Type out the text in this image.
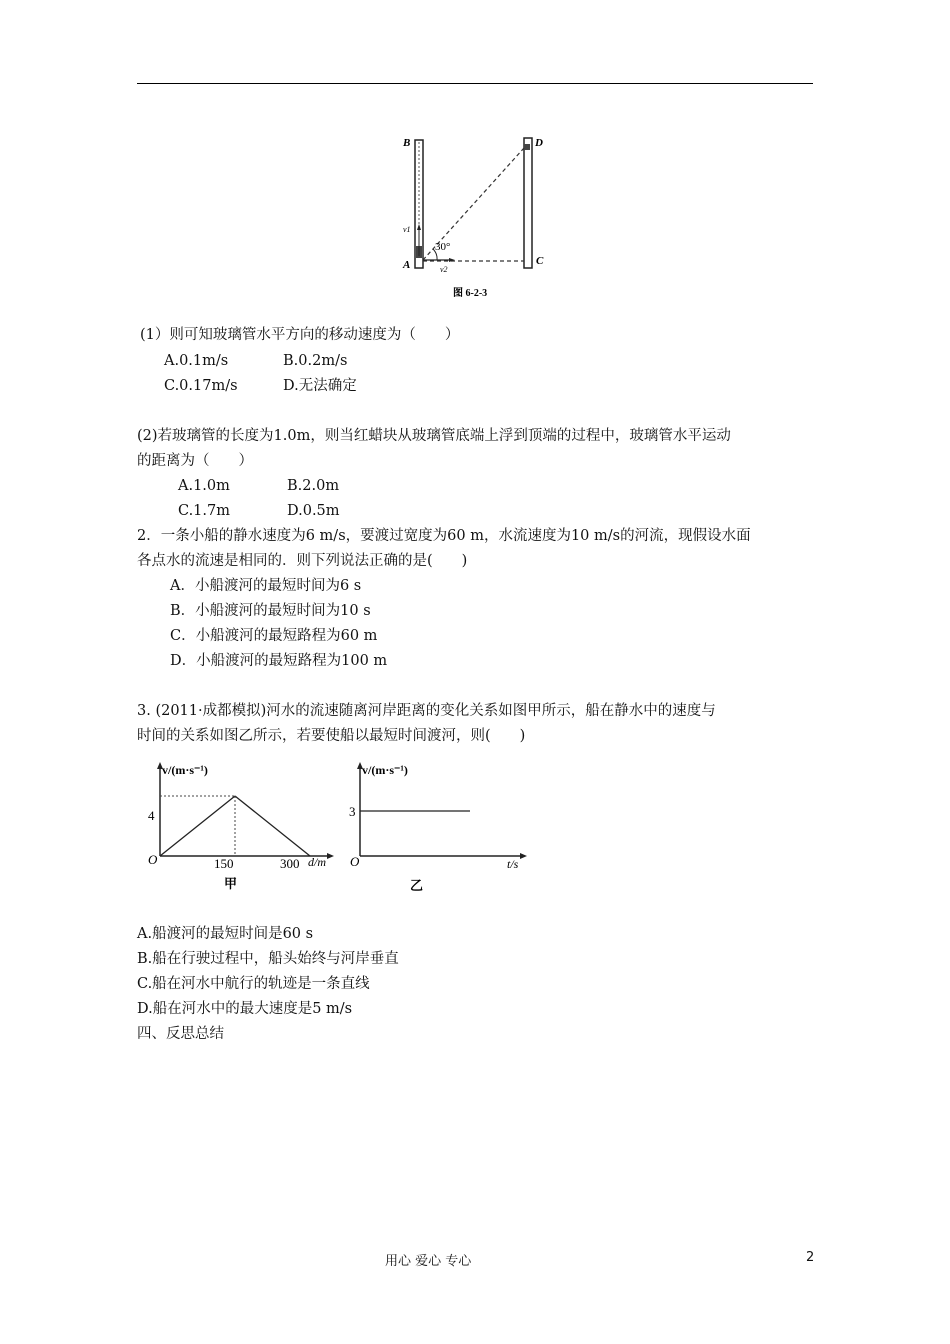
B	D
A	C
v1
v2
30°
图 6-2-3
(1）则可知玻璃管水平方向的移动速度为（　　）
A.0.1m/s	B.0.2m/s
C.0.17m/s	D.无法确定
(2)若玻璃管的长度为1.0m，则当红蜡块从玻璃管底端上浮到顶端的过程中，玻璃管水平运动
的距离为（　　）
A.1.0m	B.2.0m
C.1.7m	D.0.5m
2．一条小船的静水速度为6 m/s，要渡过宽度为60 m，水流速度为10 m/s的河流，现假设水面
各点水的流速是相同的．则下列说法正确的是(　　)
A．小船渡河的最短时间为6 s
B．小船渡河的最短时间为10 s
C．小船渡河的最短路程为60 m
D．小船渡河的最短路程为100 m
3. (2011·成都模拟)河水的流速随离河岸距离的变化关系如图甲所示，船在静水中的速度与
时间的关系如图乙所示，若要使船以最短时间渡河，则(　　)
v/(m·s⁻¹)
d/m
O
4
150	300
甲
v/(m·s⁻¹)
t/s
O
3
乙
A.船渡河的最短时间是60 s
B.船在行驶过程中，船头始终与河岸垂直
C.船在河水中航行的轨迹是一条直线
D.船在河水中的最大速度是5 m/s
四、反思总结
用心 爱心 专心	2
